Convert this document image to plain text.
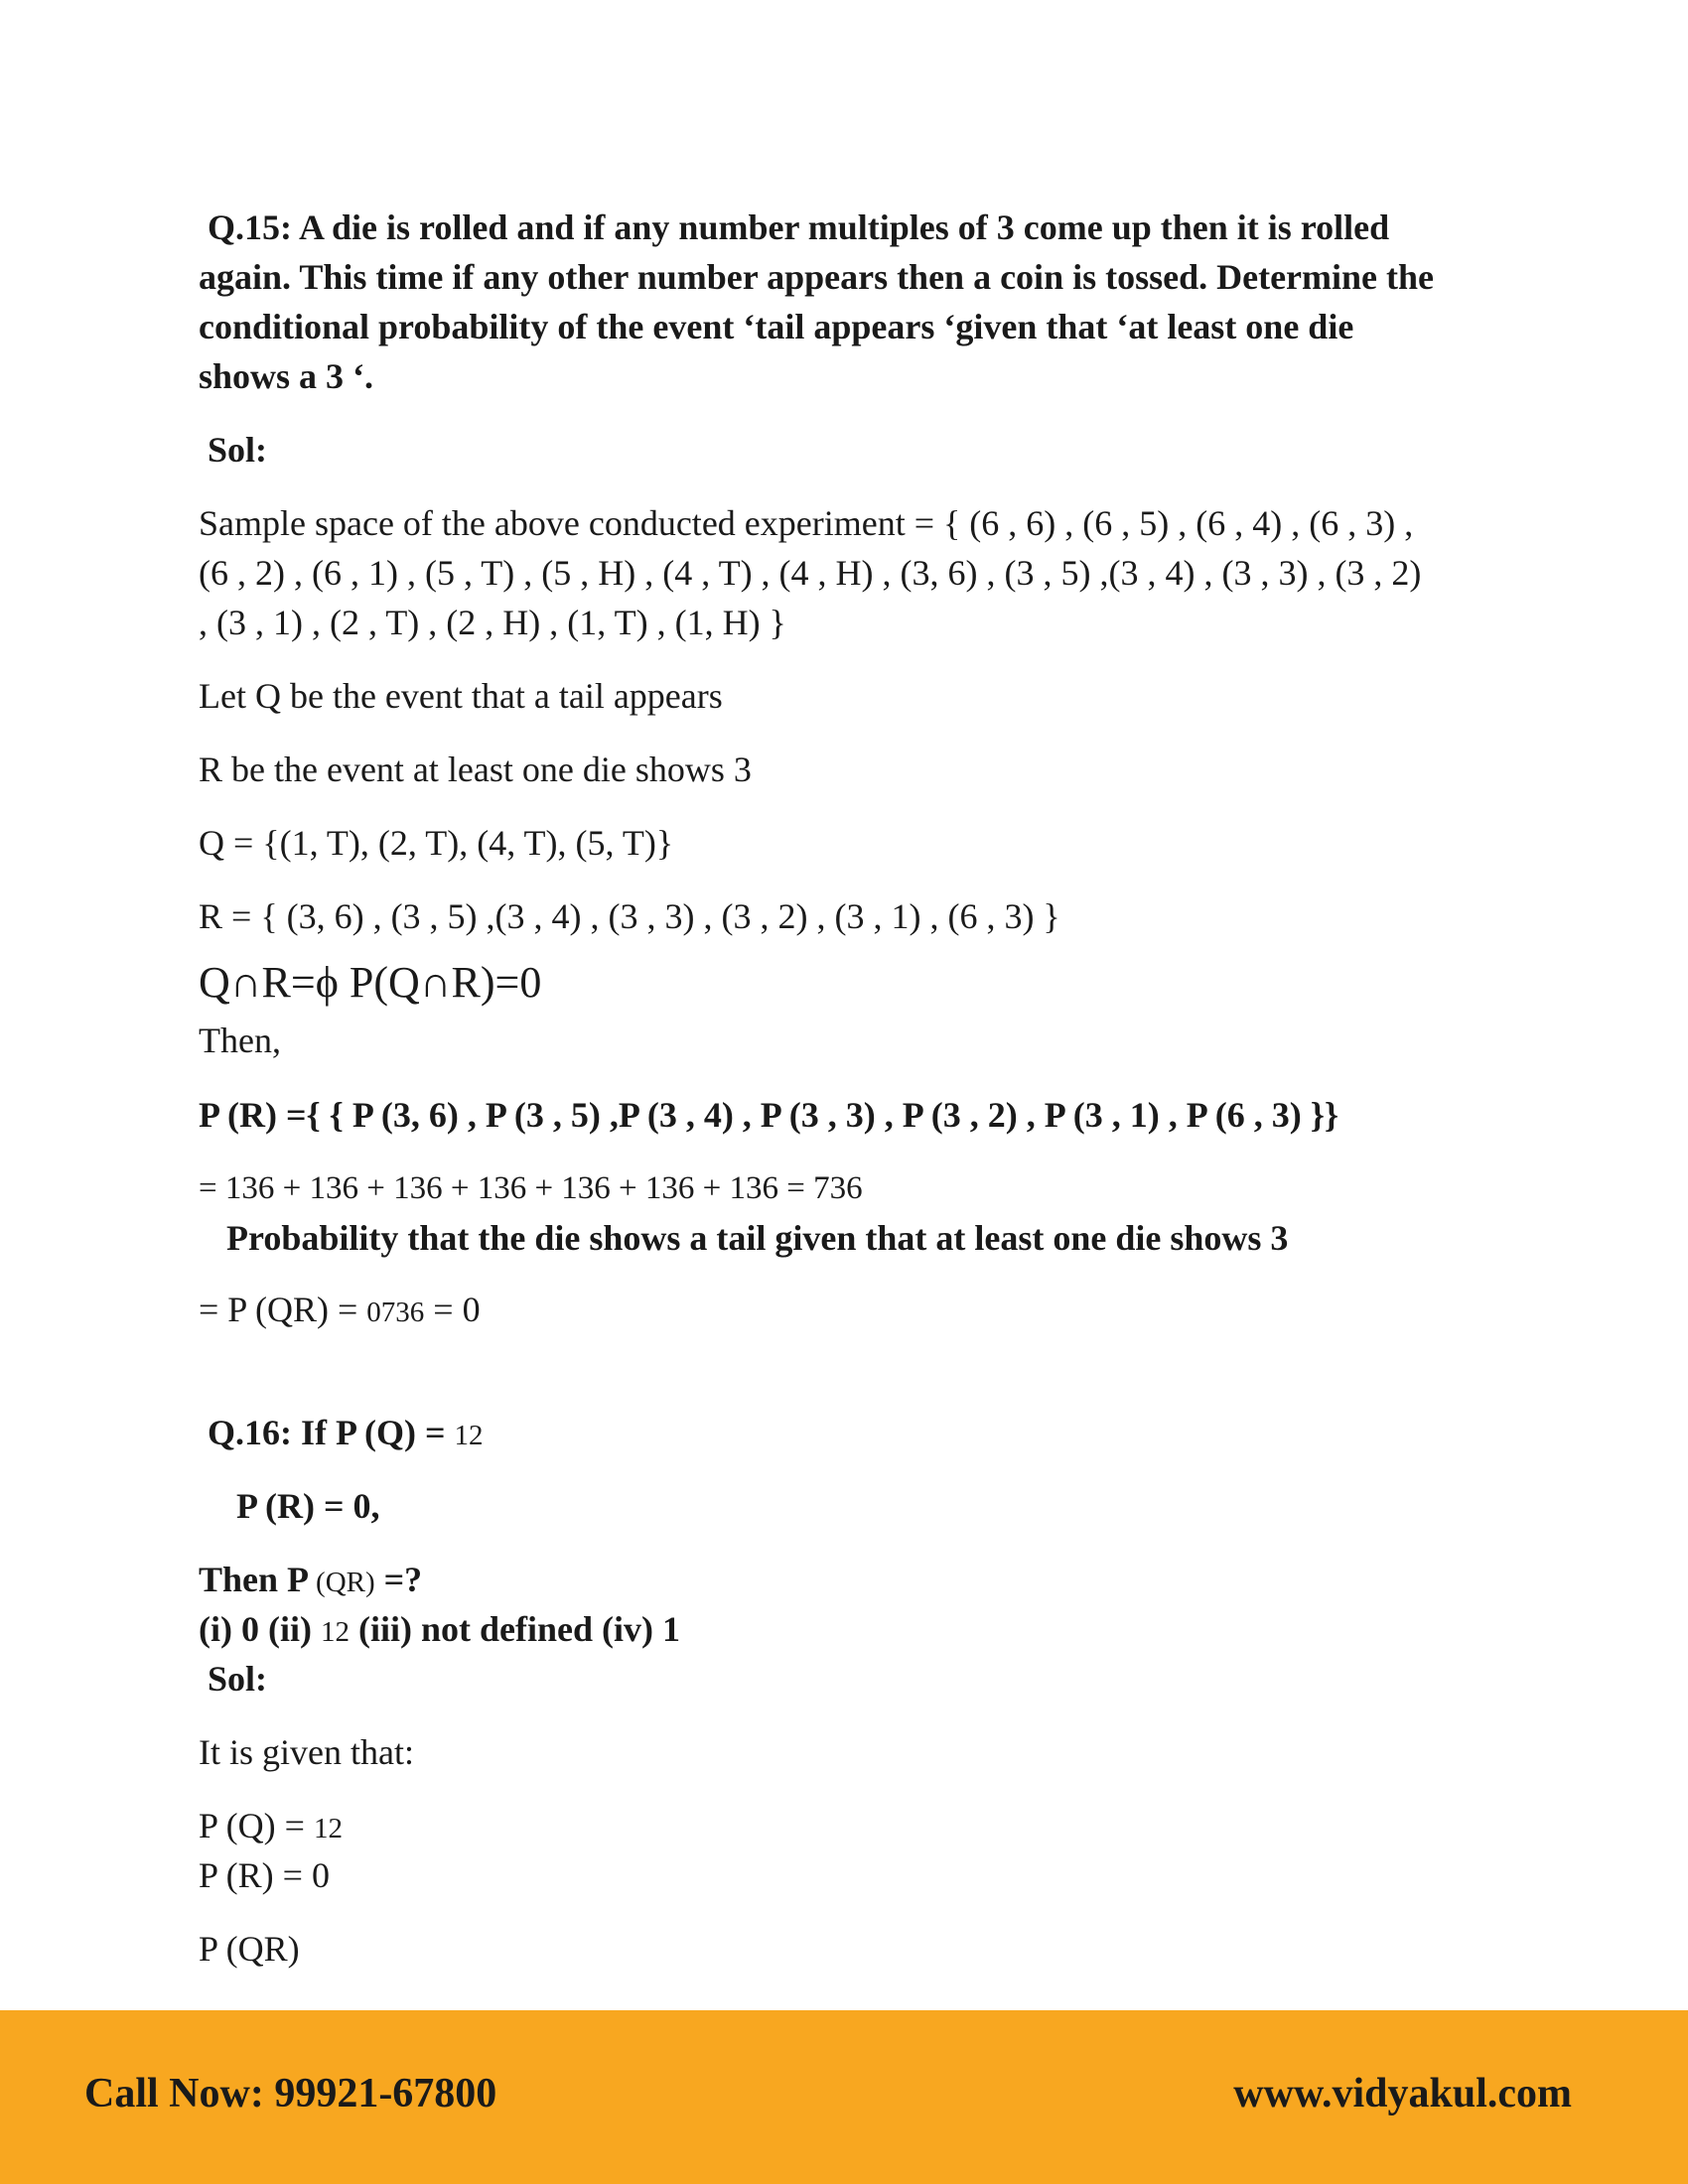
Q.15: A die is rolled and if any number multiples of 3 come up then it is rolled

again. This time if any other number appears then a coin is tossed. Determine the

conditional probability of the event ‘tail appears ‘given that ‘at least one die

shows a 3 ‘.

Sol:

Sample space of the above conducted experiment = { (6 , 6) , (6 , 5) , (6 , 4) , (6 , 3) ,

(6 , 2) , (6 , 1) , (5 , T) , (5 , H) , (4 , T) , (4 , H) , (3, 6) , (3 , 5) ,(3 , 4) , (3 , 3) , (3 , 2)

, (3 , 1) , (2 , T) , (2 , H) , (1, T) , (1, H) }

Let Q be the event that a tail appears

R be the event at least one die shows 3

Q = {(1, T), (2, T), (4, T), (5, T)}

R = { (3, 6) , (3 , 5) ,(3 , 4) , (3 , 3) , (3 , 2) , (3 , 1) , (6 , 3) }

Q∩R=ϕ P(Q∩R)=0

Then,

P (R) ={ { P (3, 6) , P (3 , 5) ,P (3 , 4) , P (3 , 3) , P (3 , 2) , P (3 , 1) , P (6 , 3) }}

= 136 + 136 + 136 + 136 + 136 + 136 + 136 = 736

Probability that the die shows a tail given that at least one die shows 3

= P (QR) = 0736 = 0

Q.16: If P (Q) = 12

P (R) = 0,

Then P (QR) =?

(i) 0 (ii) 12 (iii) not defined (iv) 1

Sol:

It is given that:

P (Q) = 12

P (R) = 0

P (QR)

Call Now: 99921-67800	www.vidyakul.com
